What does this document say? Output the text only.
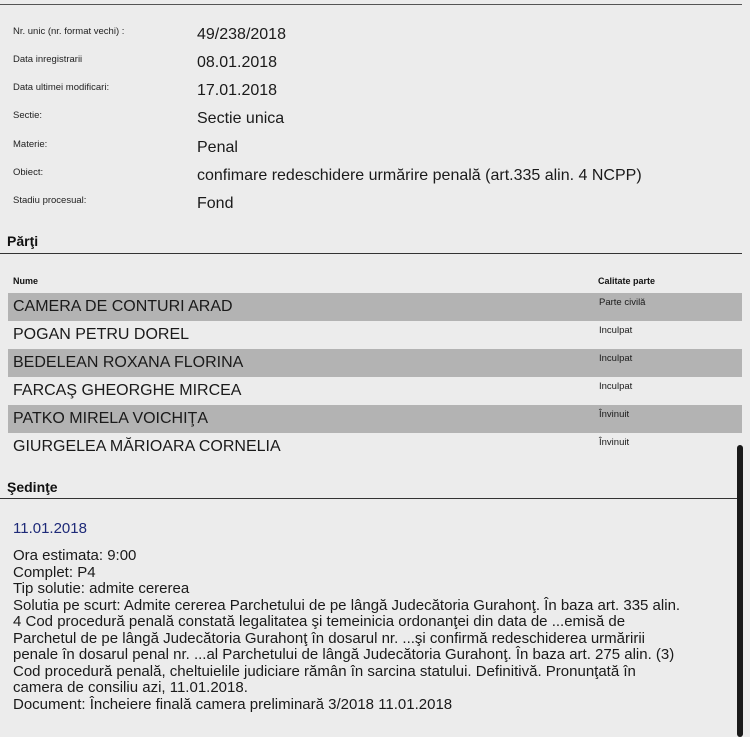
Nr. unic (nr. format vechi) :	49/238/2018
Data inregistrarii	08.01.2018
Data ultimei modificari:	17.01.2018
Sectie:	Sectie unica
Materie:	Penal
Obiect:	confimare redeschidere urmărire penală (art.335 alin. 4 NCPP)
Stadiu procesual:	Fond
Părţi
Nume	Calitate parte
CAMERA DE CONTURI ARAD	Parte civilă
POGAN PETRU DOREL	Inculpat
BEDELEAN ROXANA FLORINA	Inculpat
FARCAŞ GHEORGHE MIRCEA	Inculpat
PATKO MIRELA VOICHIŢA	Învinuit
GIURGELEA MĂRIOARA CORNELIA	Învinuit
Şedinţe
11.01.2018
Ora estimata: 9:00
Complet: P4
Tip solutie: admite cererea
Solutia pe scurt: Admite cererea Parchetului de pe lângă Judecătoria Gurahonţ. În baza art. 335 alin.
4 Cod procedură penală constată legalitatea şi temeinicia ordonanţei din data de ...emisă de
Parchetul de pe lângă Judecătoria Gurahonţ în dosarul nr. ...şi confirmă redeschiderea urmăririi
penale în dosarul penal nr. ...al Parchetului de lângă Judecătoria Gurahonţ. În baza art. 275 alin. (3)
Cod procedură penală, cheltuielile judiciare rămân în sarcina statului. Definitivă. Pronunţată în
camera de consiliu azi, 11.01.2018.
Document: Încheiere finală camera preliminară 3/2018 11.01.2018
